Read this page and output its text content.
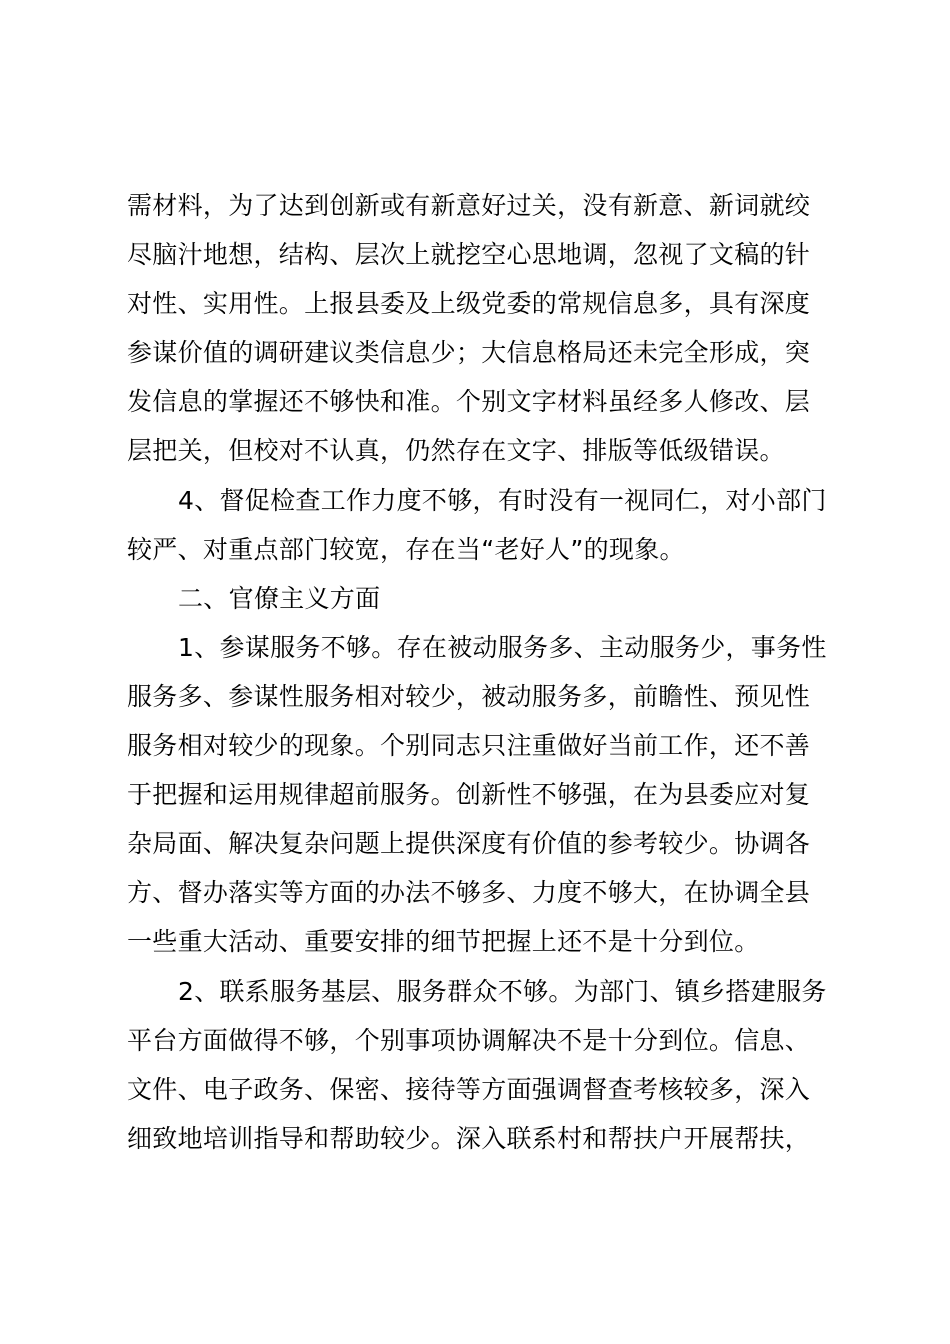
需材料，为了达到创新或有新意好过关，没有新意、新词就绞
尽脑汁地想，结构、层次上就挖空心思地调，忽视了文稿的针
对性、实用性。上报县委及上级党委的常规信息多，具有深度
参谋价值的调研建议类信息少；大信息格局还未完全形成，突
发信息的掌握还不够快和准。个别文字材料虽经多人修改、层
层把关，但校对不认真，仍然存在文字、排版等低级错误。
4、督促检查工作力度不够，有时没有一视同仁，对小部门
较严、对重点部门较宽，存在当“老好人”的现象。
二、官僚主义方面
1、参谋服务不够。存在被动服务多、主动服务少，事务性
服务多、参谋性服务相对较少，被动服务多，前瞻性、预见性
服务相对较少的现象。个别同志只注重做好当前工作，还不善
于把握和运用规律超前服务。创新性不够强，在为县委应对复
杂局面、解决复杂问题上提供深度有价值的参考较少。协调各
方、督办落实等方面的办法不够多、力度不够大，在协调全县
一些重大活动、重要安排的细节把握上还不是十分到位。
2、联系服务基层、服务群众不够。为部门、镇乡搭建服务
平台方面做得不够，个别事项协调解决不是十分到位。信息、
文件、电子政务、保密、接待等方面强调督查考核较多，深入
细致地培训指导和帮助较少。深入联系村和帮扶户开展帮扶，
